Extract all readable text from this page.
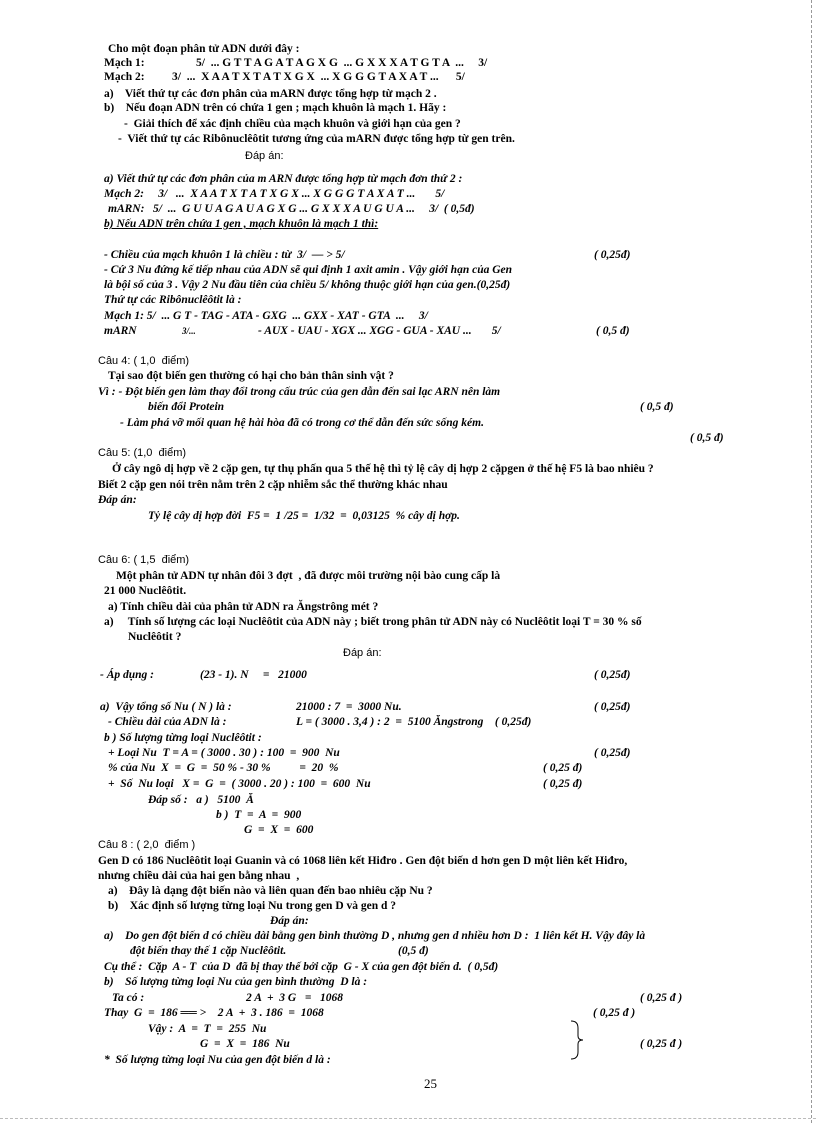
Cho một đoạn phân tử ADN dưới đây :
Mạch 1:	5/  ... G T T A G A T A G X G  ... G X X X A T G T A  ...     3/
Mạch 2: 3/  ...  X A A T X T A T X G X  ... X G G G T A X A T ...      5/
a)    Viết thứ tự các đơn phân của mARN được tổng hợp từ mạch 2 .
b)    Nếu đoạn ADN trên có chứa 1 gen ; mạch khuôn là mạch 1. Hãy :
-  Giải thích để xác định chiều của mạch khuôn và giới hạn của gen ?
-  Viết thứ tự các Ribônuclêôtit tương ứng của mARN được tổng hợp từ gen trên.
Đáp án:
a) Viết thứ tự các đơn phân của m ARN được tổng hợp từ mạch đơn thứ 2 :
Mạch 2:     3/   ...  X A A T X T A T X G X ... X G G G T A X A T ...       5/
mARN:   5/  ...  G U U A G A U A G X G ... G X X X A U G U A ...     3/  ( 0,5đ)
b) Nếu ADN trên chứa 1 gen , mạch khuôn là mạch 1 thì:
- Chiều của mạch khuôn 1 là chiều : từ  3/  — > 5/	( 0,25đ)
- Cứ 3 Nu đứng kế tiếp nhau của ADN sẽ qui định 1 axit amin . Vậy giới hạn của Gen
là bội số của 3 . Vậy 2 Nu đầu tiên của chiều 5/ không thuộc giới hạn của gen.(0,25đ)
Thứ tự các Ribônuclêôtit là :
Mạch 1: 5/  ... G T - TAG - ATA - GXG  ... GXX - XAT - GTA  ...     3/
mARN	3/...	- AUX - UAU - XGX ... XGG - GUA - XAU ...       5/	( 0,5 đ)
Câu 4: ( 1,0  điểm)
Tại sao đột biến gen thường có hại cho bản thân sinh vật ?
Vì : - Đột biến gen làm thay đổi trong cấu trúc của gen dẫn đến sai lạc ARN nên làm
biến đổi Protein	( 0,5 đ)
- Làm phá vỡ mối quan hệ hài hòa đã có trong cơ thể dẫn đến sức sống kém.
( 0,5 đ)
Câu 5: (1,0  điểm)
Ở cây ngô dị hợp về 2 cặp gen, tự thụ phấn qua 5 thế hệ thì tỷ lệ cây dị hợp 2 cặpgen ở thế hệ F5 là bao nhiêu ?
Biết 2 cặp gen nói trên nằm trên 2 cặp nhiễm sắc thể thường khác nhau
Đáp án:
Tỷ lệ cây dị hợp đời  F5 =  1 /25 =  1/32  =  0,03125  % cây dị hợp.
Câu 6: ( 1,5  điểm)
Một phân tử ADN tự nhân đôi 3 đợt  , đã được môi trường nội bào cung cấp là
21 000 Nuclêôtit.
a) Tính chiều dài của phân tử ADN ra Ăngstrông mét ?
a)     Tính số lượng các loại Nuclêôtit của ADN này ; biết trong phân tử ADN này có Nuclêôtit loại T = 30 % số
Nuclêôtit ?
Đáp án:
- Áp dụng :	(23 - 1). N     =   21000	( 0,25đ)
a)  Vậy tổng số Nu ( N ) là :	21000 : 7  =  3000 Nu.	( 0,25đ)
- Chiều dài của ADN là :	L = ( 3000 . 3,4 ) : 2  =  5100 Ăngstrong    ( 0,25đ)
b ) Số lượng từng loại Nuclêôtit :
+ Loại Nu  T = A = ( 3000 . 30 ) : 100  =  900  Nu	( 0,25đ)
% của Nu  X  =  G  =  50 % - 30 %          =  20  %	( 0,25 đ)
+  Số  Nu loại   X =  G  =  ( 3000 . 20 ) : 100  =  600  Nu	( 0,25 đ)
Đáp số :   a )   5100  Ă
b )  T  =  A  =  900
G  =  X  =  600
Câu 8 : ( 2,0  điểm )
Gen D có 186 Nuclêôtit loại Guanin và có 1068 liên kết Hiđro . Gen đột biến d hơn gen D một liên kết Hiđro,
nhưng chiều dài của hai gen bằng nhau  ,
a)    Đây là dạng đột biến nào và liên quan đến bao nhiêu cặp Nu ?
b)    Xác định số lượng từng loại Nu trong gen D và gen d ?
Đáp án:
a)    Do gen đột biến d có chiều dài bằng gen bình thường D , nhưng gen d nhiều hơn D :  1 liên kết H. Vậy đây là
đột biến thay thế 1 cặp Nuclêôtit.	(0,5 đ)
Cụ thể :  Cặp  A - T  của D  đã bị thay thế bởi cặp  G - X của gen đột biến d.  ( 0,5đ)
b)    Số lượng từng loại Nu của gen bình thường  D là :
Ta có :	2 A  +  3 G   =   1068	( 0,25 đ )
Thay  G  =  186 ══ >    2 A  +  3 . 186  =  1068	( 0,25 đ )
Vậy :  A  =  T  =  255  Nu
G  =  X  =  186  Nu	( 0,25 đ )
*  Số lượng từng loại Nu của gen đột biến d là :
25
